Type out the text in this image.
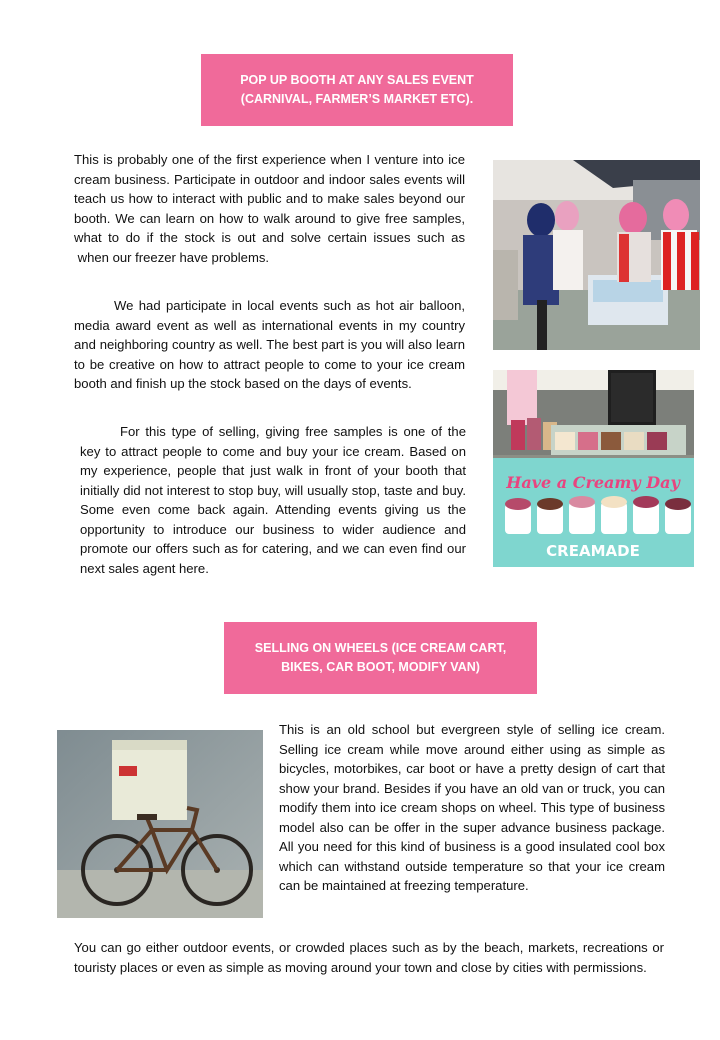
POP UP BOOTH AT ANY SALES EVENT
(CARNIVAL, FARMER’S MARKET ETC).

This is probably one of the first experience when I venture into ice cream business. Participate in outdoor and indoor sales events will teach us how to interact with public and to make sales beyond our booth. We can learn on how to walk around to give free samples, what to do if the stock is out and solve certain issues such as  when our freezer have problems.

We had participate in local events such as hot air balloon, media award event as well as international events in my country and neighboring country as well. The best part is you will also learn to be creative on how to attract people to come to your ice cream booth and finish up the stock based on the days of events.

For this type of selling, giving free samples is one of the key to attract people to come and buy your ice cream. Based on my experience, people that just walk in front of your booth that initially did not interest to stop buy, will usually stop, taste and buy. Some even come back again. Attending events giving us the opportunity to introduce our business to wider audience and promote our offers such as for catering, and we can even find our next sales agent here.

Have a Creamy Day
CREAMADE
SELLING ON WHEELS (ICE CREAM CART,
BIKES, CAR BOOT, MODIFY VAN)

This is an old school but evergreen style of selling ice cream. Selling ice cream while move around either using as simple as bicycles, motorbikes, car boot or have a pretty design of cart that show your brand. Besides if you have an old van or truck, you can modify them into ice cream shops on wheel. This type of business model also can be offer in the super advance business package. All you need for this kind of business is a good insulated cool box which can withstand outside temperature so that your ice cream can be maintained at freezing temperature.

You can go either outdoor events, or crowded places such as by the beach, markets, recreations or touristy places or even as simple as moving around your town and close by cities with permissions.
